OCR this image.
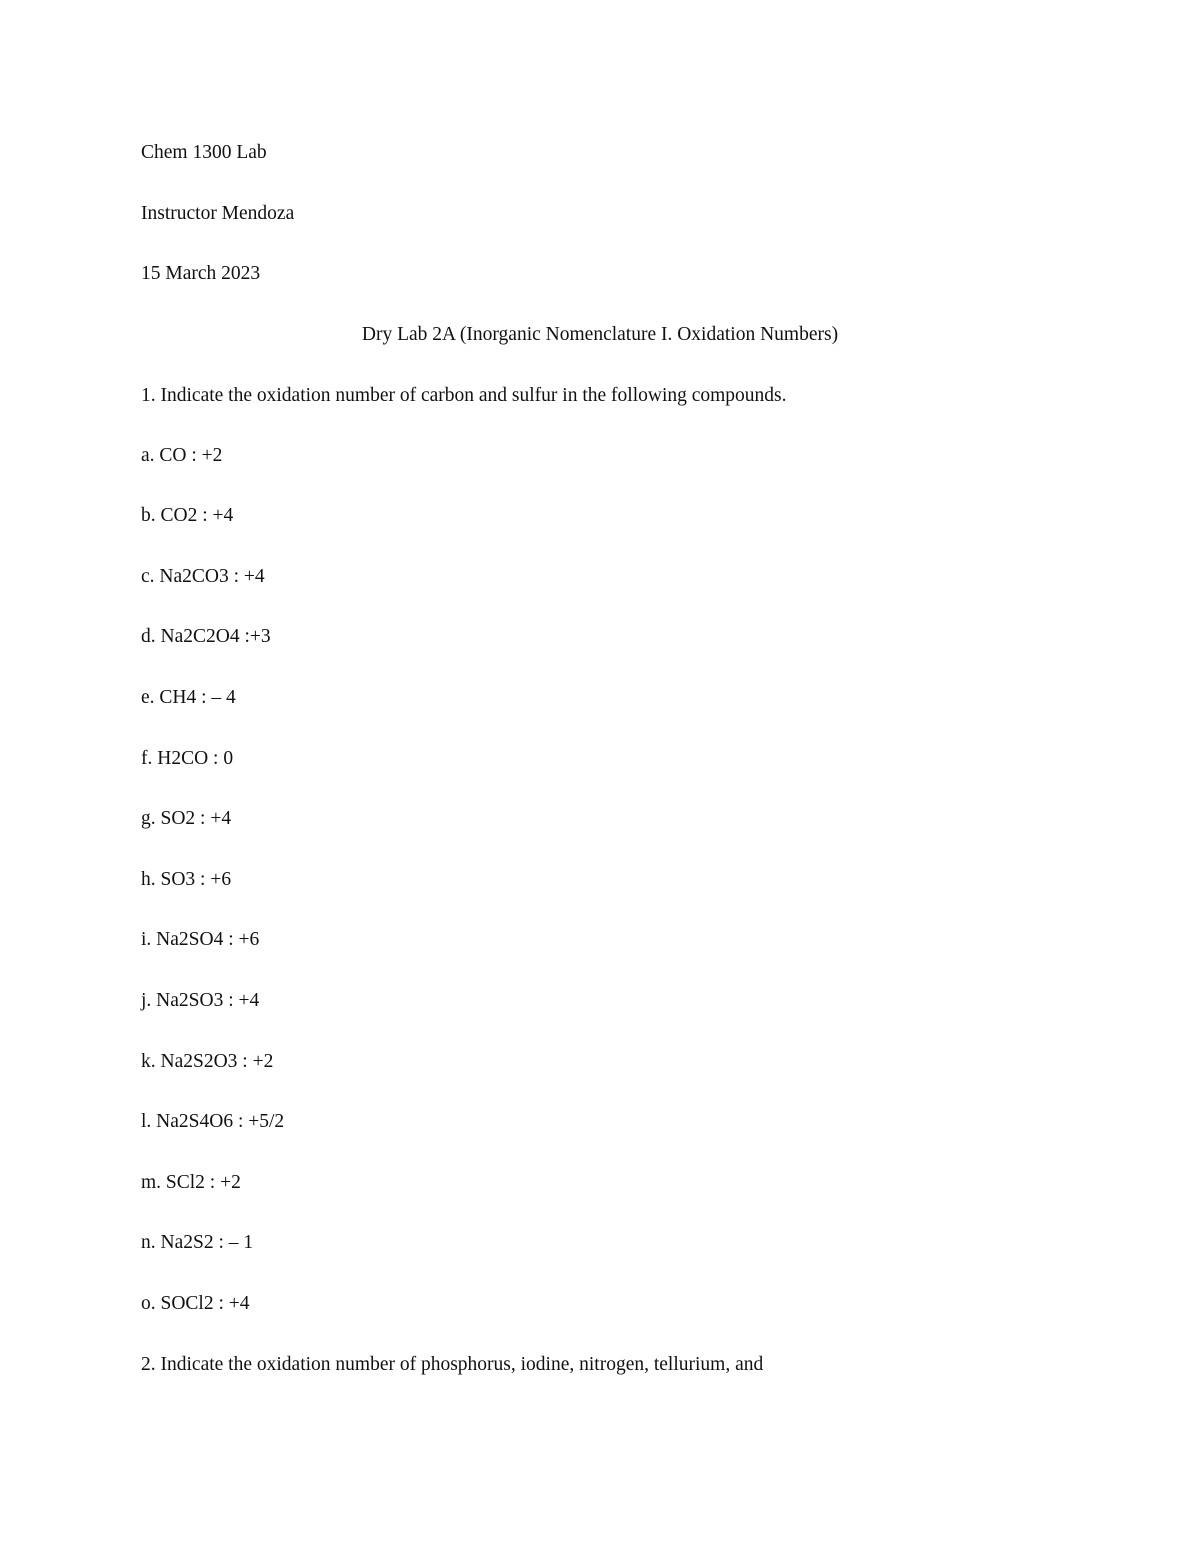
Chem 1300 Lab
Instructor Mendoza
15 March 2023
Dry Lab 2A (Inorganic Nomenclature I. Oxidation Numbers)
1. Indicate the oxidation number of carbon and sulfur in the following compounds.
a. CO : +2
b. CO2 : +4
c. Na2CO3 : +4
d. Na2C2O4 :+3
e. CH4 : – 4
f. H2CO : 0
g. SO2 : +4
h. SO3 : +6
i. Na2SO4 : +6
j. Na2SO3 : +4
k. Na2S2O3 : +2
l. Na2S4O6 : +5/2
m. SCl2 : +2
n. Na2S2 : – 1
o. SOCl2 : +4
2. Indicate the oxidation number of phosphorus, iodine, nitrogen, tellurium, and
